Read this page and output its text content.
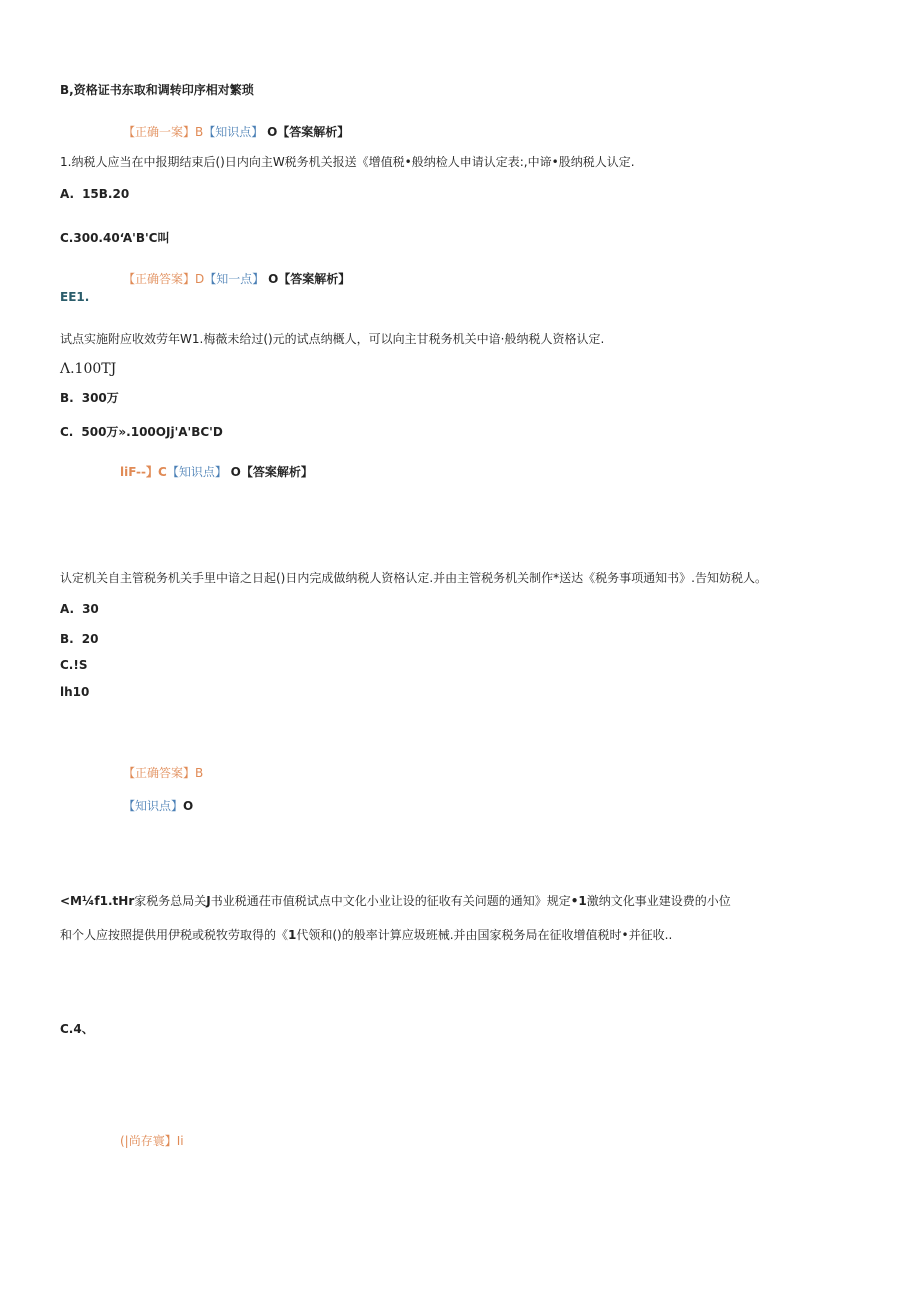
B,资格证书东取和调转印序相对繁琐
【正确一案】B【知识点】 O【答案解析】
1.纳税人应当在中报期结束后()日内向主W税务机关报送《增值税•般纳检人申请认定表:,中谛•股纳税人认定.
A. 15B.20
C.300.40ʻA'B'C叫
【正确答案】D【知一点】 O【答案解析】
EE1.
试点实施附应收效劳年W1.梅薇未给过()元的试点纳概人，可以向主甘税务机关中谙·般纳税人资格认定.
Λ.100TJ
B. 300万
C. 500万».100OJj'A'BC'D
liF--】C【知识点】 O【答案解析】
认定机关自主管税务机关手里中谙之日起()日内完成做纳税人资格认定.并由主管税务机关制作*送达《税务事项通知书》.告知妨税人。
A. 30
B. 20
C.!S
lh10
【正确答案】B
【知识点】O
<M¼f1.tHr家税务总局关J书业税通茌市值税试点中文化小业让设的征收有关问题的通知》规定•1激纳文化事业建设费的小位
和个人应按照提供用伊税或税牧劳取得的《1代领和()的般率计算应圾班械.并由国家税务局在征收增值税时•并征收..
C.4、
(|尚存寰】Ii
